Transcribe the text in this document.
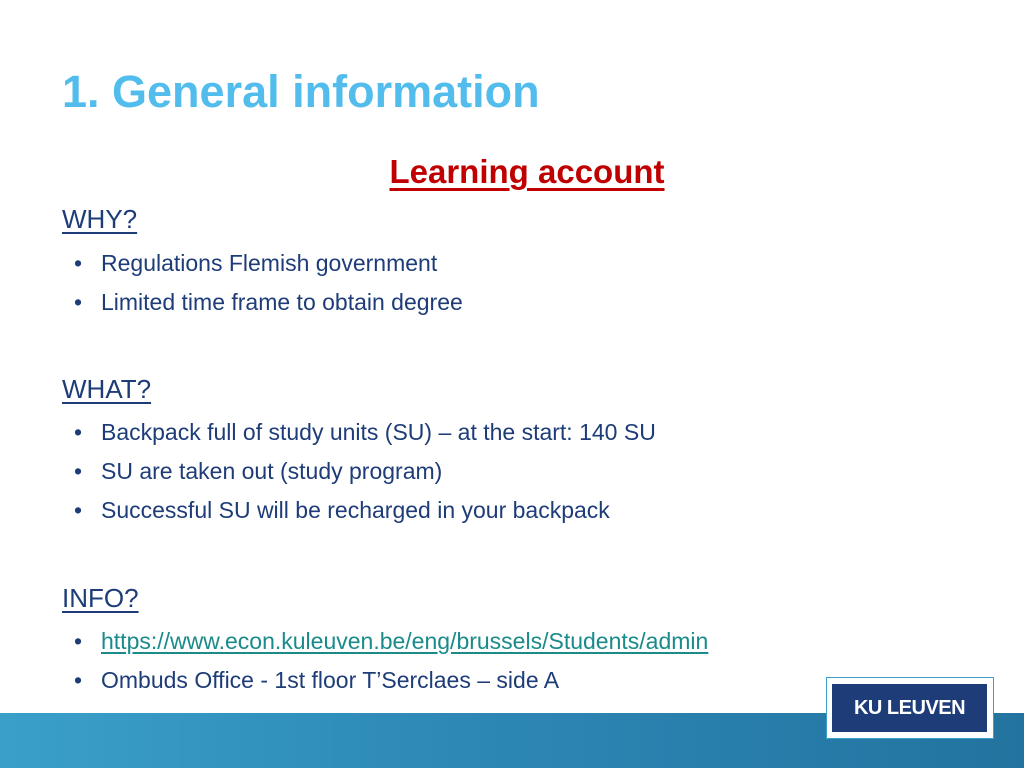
1. General information
Learning account
WHY?
• Regulations Flemish government
• Limited time frame to obtain degree
WHAT?
• Backpack full of study units (SU) – at the start: 140 SU
• SU are taken out (study program)
• Successful SU will be recharged in your backpack
INFO?
• https://www.econ.kuleuven.be/eng/brussels/Students/admin
• Ombuds Office - 1st floor T’Serclaes – side A
KU LEUVEN
